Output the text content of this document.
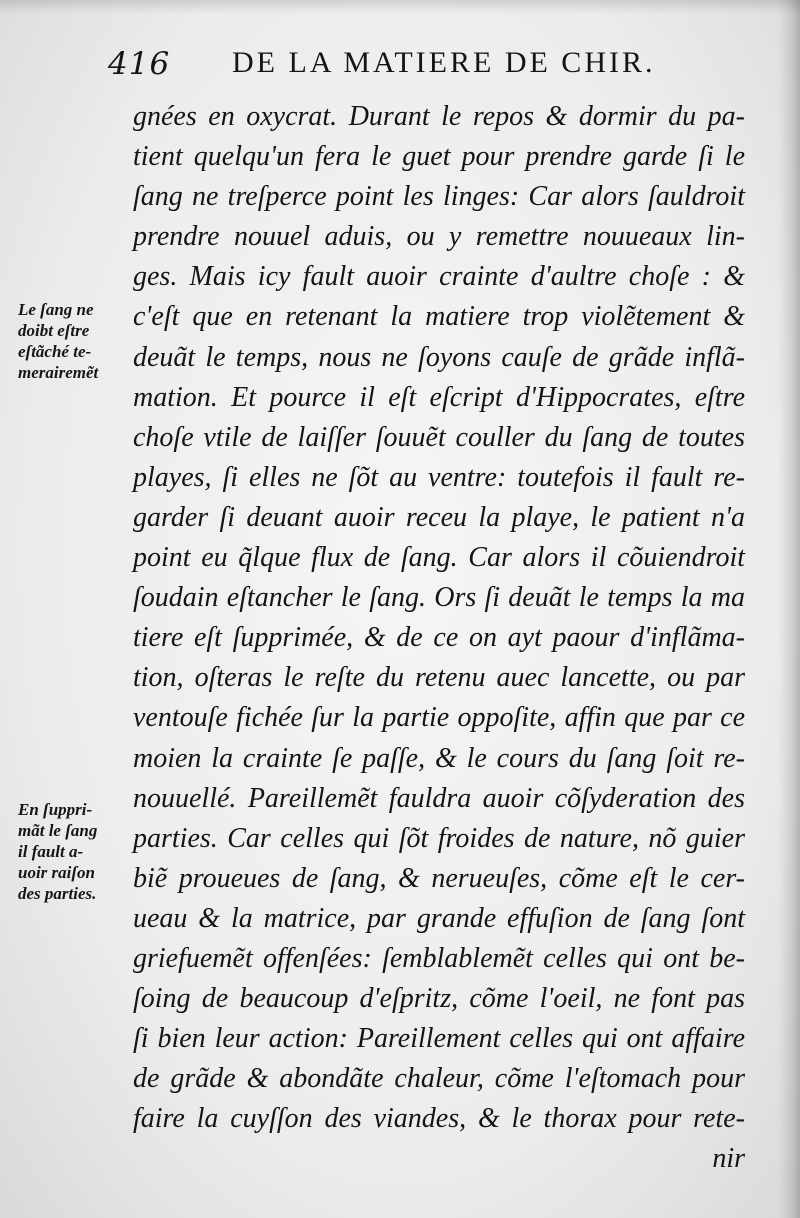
416 DE LA MATIERE DE CHIR.
gnées en oxycrat. Durant le repos & dormir du pa-
tient quelqu'un fera le guet pour prendre garde ſi le
ſang ne treſperce point les linges: Car alors ſauldroit
prendre nouuel aduis, ou y remettre nouueaux lin-
ges. Mais icy fault auoir crainte d'aultre choſe : &
c'eſt que en retenant la matiere trop violẽtement &
deuãt le temps, nous ne ſoyons cauſe de grãde inflã-
mation. Et pource il eſt eſcript d'Hippocrates, eſtre
choſe vtile de laiſſer ſouuẽt couller du ſang de toutes
playes, ſi elles ne ſõt au ventre: toutefois il fault re-
garder ſi deuant auoir receu la playe, le patient n'a
point eu q̃lque flux de ſang. Car alors il cõuiendroit
ſoudain eſtancher le ſang. Ors ſi deuãt le temps la ma
tiere eſt ſupprimée, & de ce on ayt paour d'inflãma-
tion, oſteras le reſte du retenu auec lancette, ou par
ventouſe fichée ſur la partie oppoſite, affin que par ce
moien la crainte ſe paſſe, & le cours du ſang ſoit re-
nouuellé. Pareillemẽt fauldra auoir cõſyderation des
parties. Car celles qui ſõt froides de nature, nõ guier
biẽ proueues de ſang, & nerueuſes, cõme eſt le cer-
ueau & la matrice, par grande effuſion de ſang ſont
griefuemẽt offenſées: ſemblablemẽt celles qui ont be-
ſoing de beaucoup d'eſpritz, cõme l'oeil, ne font pas
ſi bien leur action: Pareillement celles qui ont affaire
de grãde & abondãte chaleur, cõme l'eſtomach pour
faire la cuyſſon des viandes, & le thorax pour rete-
nir
Le ſang ne
doibt eſtre
eſtãché te-
merairemẽt
En ſuppri-
mãt le ſang
il fault a-
uoir raiſon
des parties.
